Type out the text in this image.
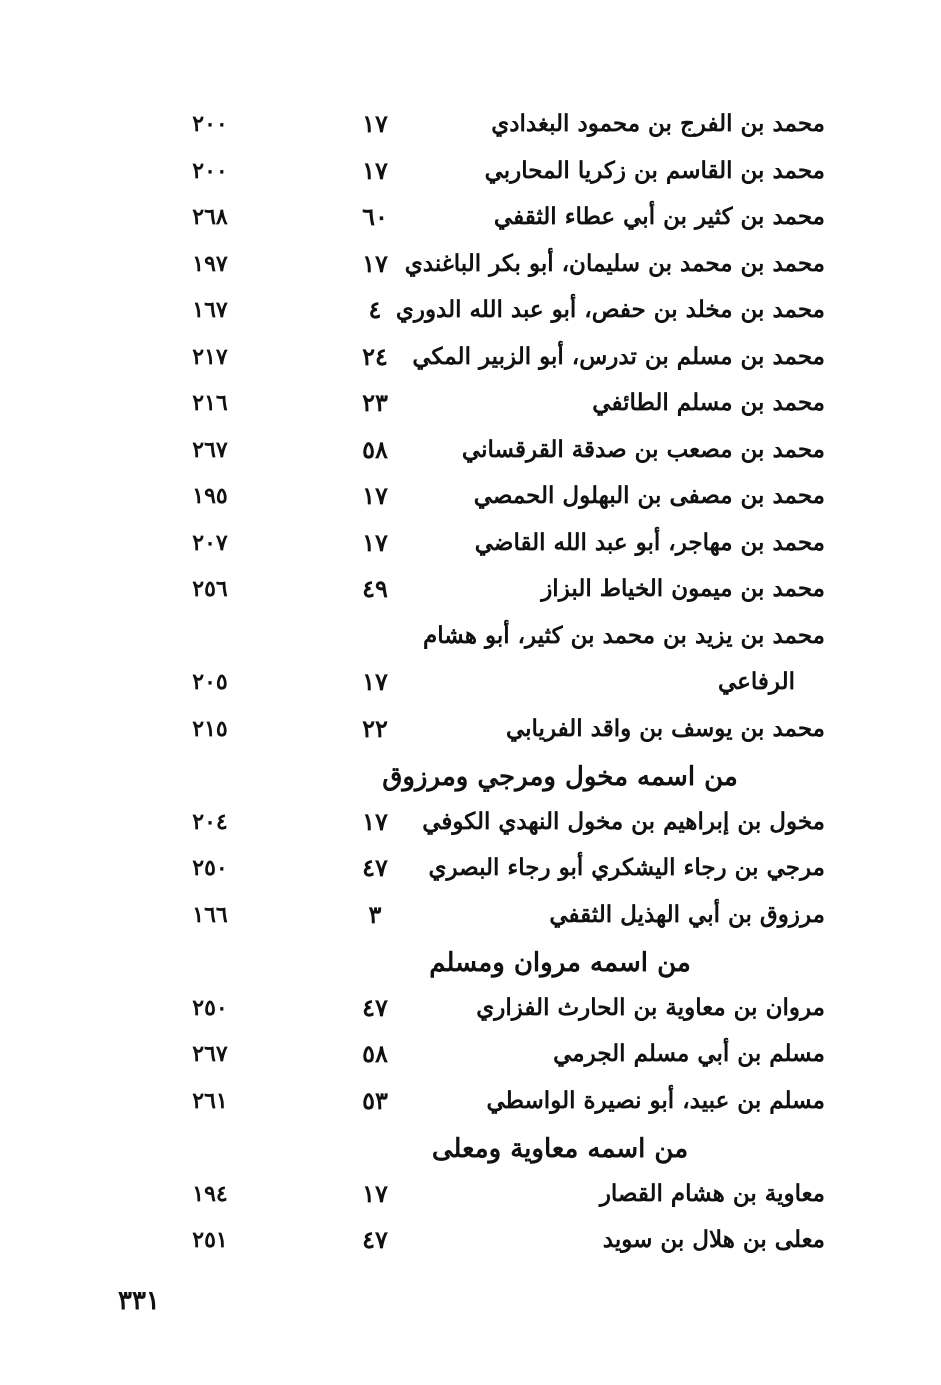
محمد بن الفرج بن محمود البغدادي
١٧
٢٠٠
محمد بن القاسم بن زكريا المحاربي
١٧
٢٠٠
محمد بن كثير بن أبي عطاء الثقفي
٦٠
٢٦٨
محمد بن محمد بن سليمان، أبو بكر الباغندي
١٧
١٩٧
محمد بن مخلد بن حفص، أبو عبد الله الدوري
٤
١٦٧
محمد بن مسلم بن تدرس، أبو الزبير المكي
٢٤
٢١٧
محمد بن مسلم الطائفي
٢٣
٢١٦
محمد بن مصعب بن صدقة القرقساني
٥٨
٢٦٧
محمد بن مصفى بن البهلول الحمصي
١٧
١٩٥
محمد بن مهاجر، أبو عبد الله القاضي
١٧
٢٠٧
محمد بن ميمون الخياط البزاز
٤٩
٢٥٦
محمد بن يزيد بن محمد بن كثير، أبو هشام
الرفاعي
١٧
٢٠٥
محمد بن يوسف بن واقد الفريابي
٢٢
٢١٥
من اسمه مخول ومرجي ومرزوق
مخول بن إبراهيم بن مخول النهدي الكوفي
١٧
٢٠٤
مرجي بن رجاء اليشكري أبو رجاء البصري
٤٧
٢٥٠
مرزوق بن أبي الهذيل الثقفي
٣
١٦٦
من اسمه مروان ومسلم
مروان بن معاوية بن الحارث الفزاري
٤٧
٢٥٠
مسلم بن أبي مسلم الجرمي
٥٨
٢٦٧
مسلم بن عبيد، أبو نصيرة الواسطي
٥٣
٢٦١
من اسمه معاوية ومعلى
معاوية بن هشام القصار
١٧
١٩٤
معلى بن هلال بن سويد
٤٧
٢٥١
٣٣١
